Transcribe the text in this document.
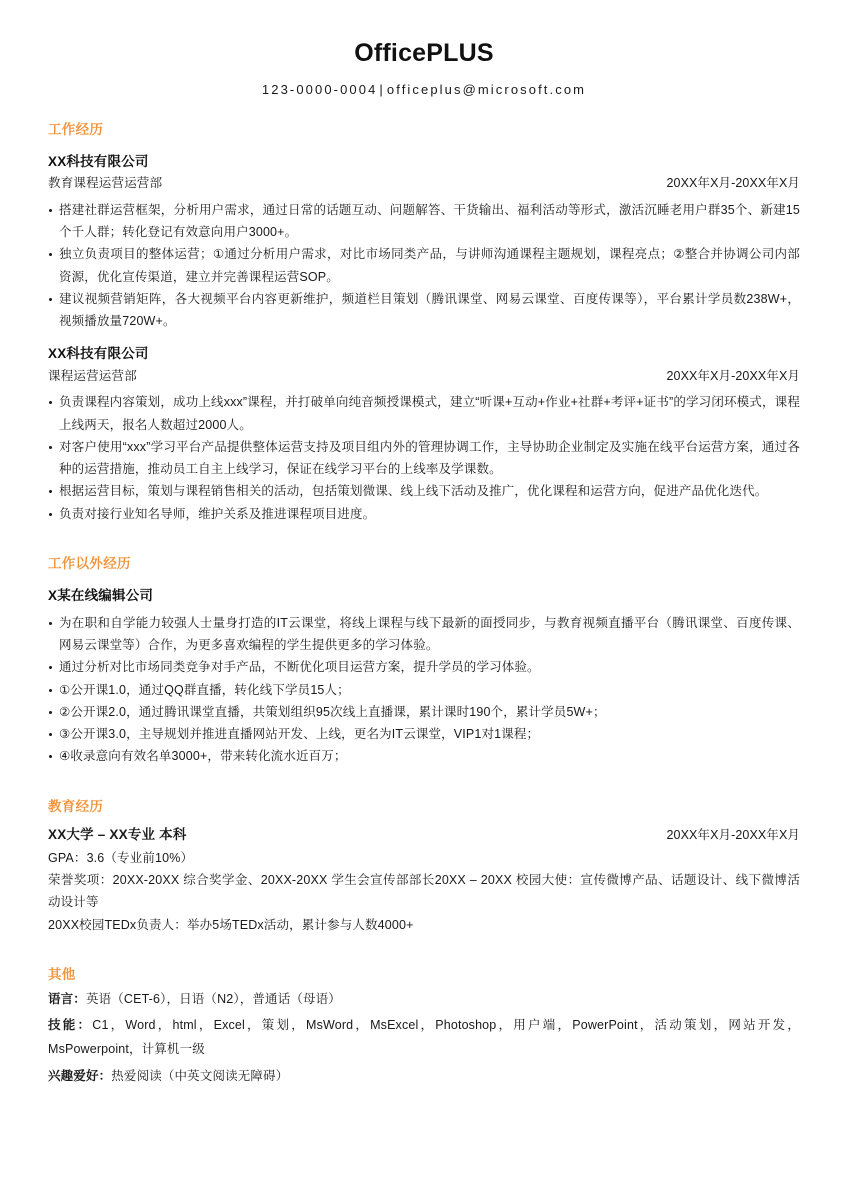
OfficePLUS

123-0000-0004 | officeplus@microsoft.com

工作经历
XX科技有限公司
教育课程运营运营部	20XX年X月-20XX年X月
搭建社群运营框架，分析用户需求，通过日常的话题互动、问题解答、干货输出、福利活动等形式，激活沉睡老用户群35个、新建15个千人群；转化登记有效意向用户3000+。
独立负责项目的整体运营；①通过分析用户需求，对比市场同类产品，与讲师沟通课程主题规划，课程亮点；②整合并协调公司内部资源，优化宣传渠道，建立并完善课程运营SOP。
建议视频营销矩阵，各大视频平台内容更新维护，频道栏目策划（腾讯课堂、网易云课堂、百度传课等），平台累计学员数238W+，视频播放量720W+。
XX科技有限公司
课程运营运营部	20XX年X月-20XX年X月
负责课程内容策划，成功上线xxx”课程，并打破单向纯音频授课模式，建立“听课+互动+作业+社群+考评+证书”的学习闭环模式，课程上线两天，报名人数超过2000人。
对客户使用“xxx”学习平台产品提供整体运营支持及项目组内外的管理协调工作，主导协助企业制定及实施在线平台运营方案，通过各种的运营措施，推动员工自主上线学习，保证在线学习平台的上线率及学课数。
根据运营目标，策划与课程销售相关的活动，包括策划微课、线上线下活动及推广，优化课程和运营方向，促进产品优化迭代。
负责对接行业知名导师，维护关系及推进课程项目进度。
工作以外经历
X某在线编辑公司
为在职和自学能力较强人士量身打造的IT云课堂，将线上课程与线下最新的面授同步，与教育视频直播平台（腾讯课堂、百度传课、网易云课堂等）合作，为更多喜欢编程的学生提供更多的学习体验。
通过分析对比市场同类竞争对手产品，不断优化项目运营方案，提升学员的学习体验。
①公开课1.0，通过QQ群直播，转化线下学员15人；
②公开课2.0，通过腾讯课堂直播，共策划组织95次线上直播课，累计课时190个，累计学员5W+；
③公开课3.0，主导规划并推进直播网站开发、上线，更名为IT云课堂，VIP1对1课程；
④收录意向有效名单3000+，带来转化流水近百万；
教育经历
XX大学 – XX专业 本科	20XX年X月-20XX年X月

GPA：3.6（专业前10%）

荣誉奖项：20XX-20XX 综合奖学金、20XX-20XX 学生会宣传部部长20XX – 20XX 校园大使：宣传微博产品、话题设计、线下微博活动设计等

20XX校园TEDx负责人：举办5场TEDx活动，累计参与人数4000+

其他

语言：英语（CET-6），日语（N2），普通话（母语）

技能：C1，Word，html，Excel，策划，MsWord，MsExcel，Photoshop，用户端，PowerPoint，活动策划，网站开发，MsPowerpoint，计算机一级

兴趣爱好：热爱阅读（中英文阅读无障碍）
